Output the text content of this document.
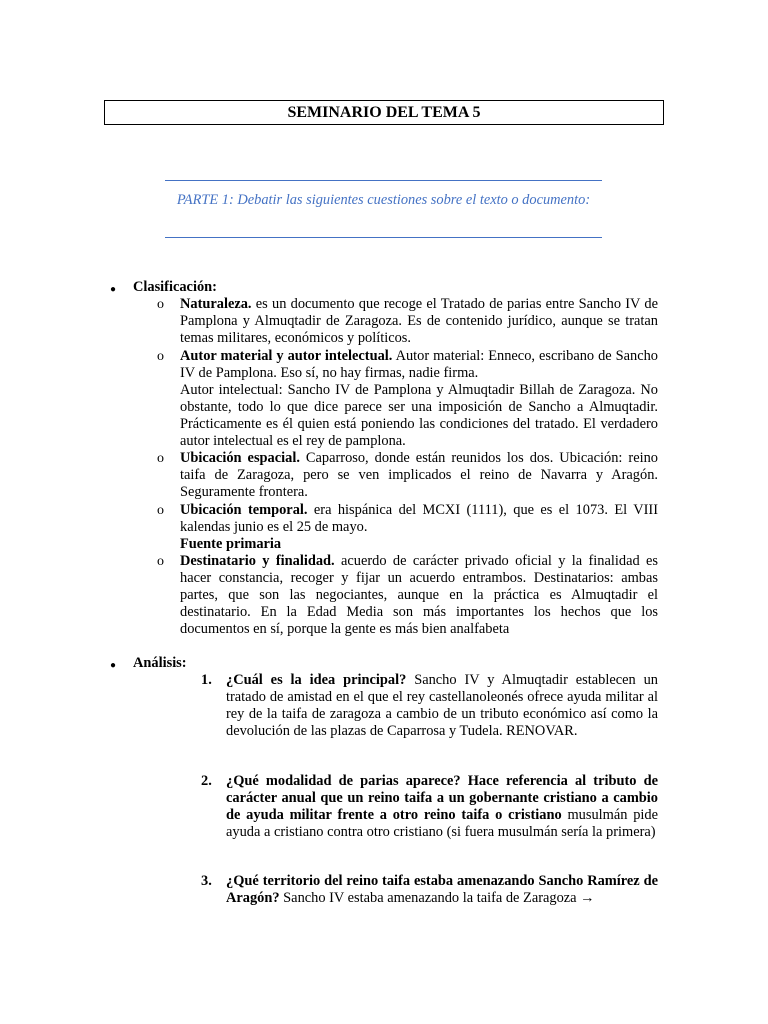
SEMINARIO DEL TEMA 5
PARTE 1: Debatir las siguientes cuestiones sobre el texto o documento:
● Clasificación:
o Naturaleza. es un documento que recoge el Tratado de parias entre Sancho IV de Pamplona y Almuqtadir de Zaragoza. Es de contenido jurídico, aunque se tratan temas militares, económicos y políticos.
o Autor material y autor intelectual. Autor material: Enneco, escribano de Sancho IV de Pamplona. Eso sí, no hay firmas, nadie firma.

Autor intelectual: Sancho IV de Pamplona y Almuqtadir Billah de Zaragoza. No obstante, todo lo que dice parece ser una imposición de Sancho a Almuqtadir. Prácticamente es él quien está poniendo las condiciones del tratado. El verdadero autor intelectual es el rey de pamplona.

o Ubicación espacial. Caparroso, donde están reunidos los dos. Ubicación: reino taifa de Zaragoza, pero se ven implicados el reino de Navarra y Aragón. Seguramente frontera.
o Ubicación temporal. era hispánica del MCXI (1111), que es el 1073. El VIII kalendas junio es el 25 de mayo.

Fuente primaria

o Destinatario y finalidad. acuerdo de carácter privado oficial y la finalidad es hacer constancia, recoger y fijar un acuerdo entrambos. Destinatarios: ambas partes, que son las negociantes, aunque en la práctica es Almuqtadir el destinatario. En la Edad Media son más importantes los hechos que los documentos en sí, porque la gente es más bien analfabeta
● Análisis:
1. ¿Cuál es la idea principal? Sancho IV y Almuqtadir establecen un tratado de amistad en el que el rey castellanoleonés ofrece ayuda militar al rey de la taifa de zaragoza a cambio de un tributo económico así como la devolución de las plazas de Caparrosa y Tudela. RENOVAR.
2. ¿Qué modalidad de parias aparece? Hace referencia al tributo de carácter anual que un reino taifa a un gobernante cristiano a cambio de ayuda militar frente a otro reino taifa o cristiano musulmán pide ayuda a cristiano contra otro cristiano (si fuera musulmán sería la primera)
3. ¿Qué territorio del reino taifa estaba amenazando Sancho Ramírez de Aragón? Sancho IV estaba amenazando la taifa de Zaragoza →
